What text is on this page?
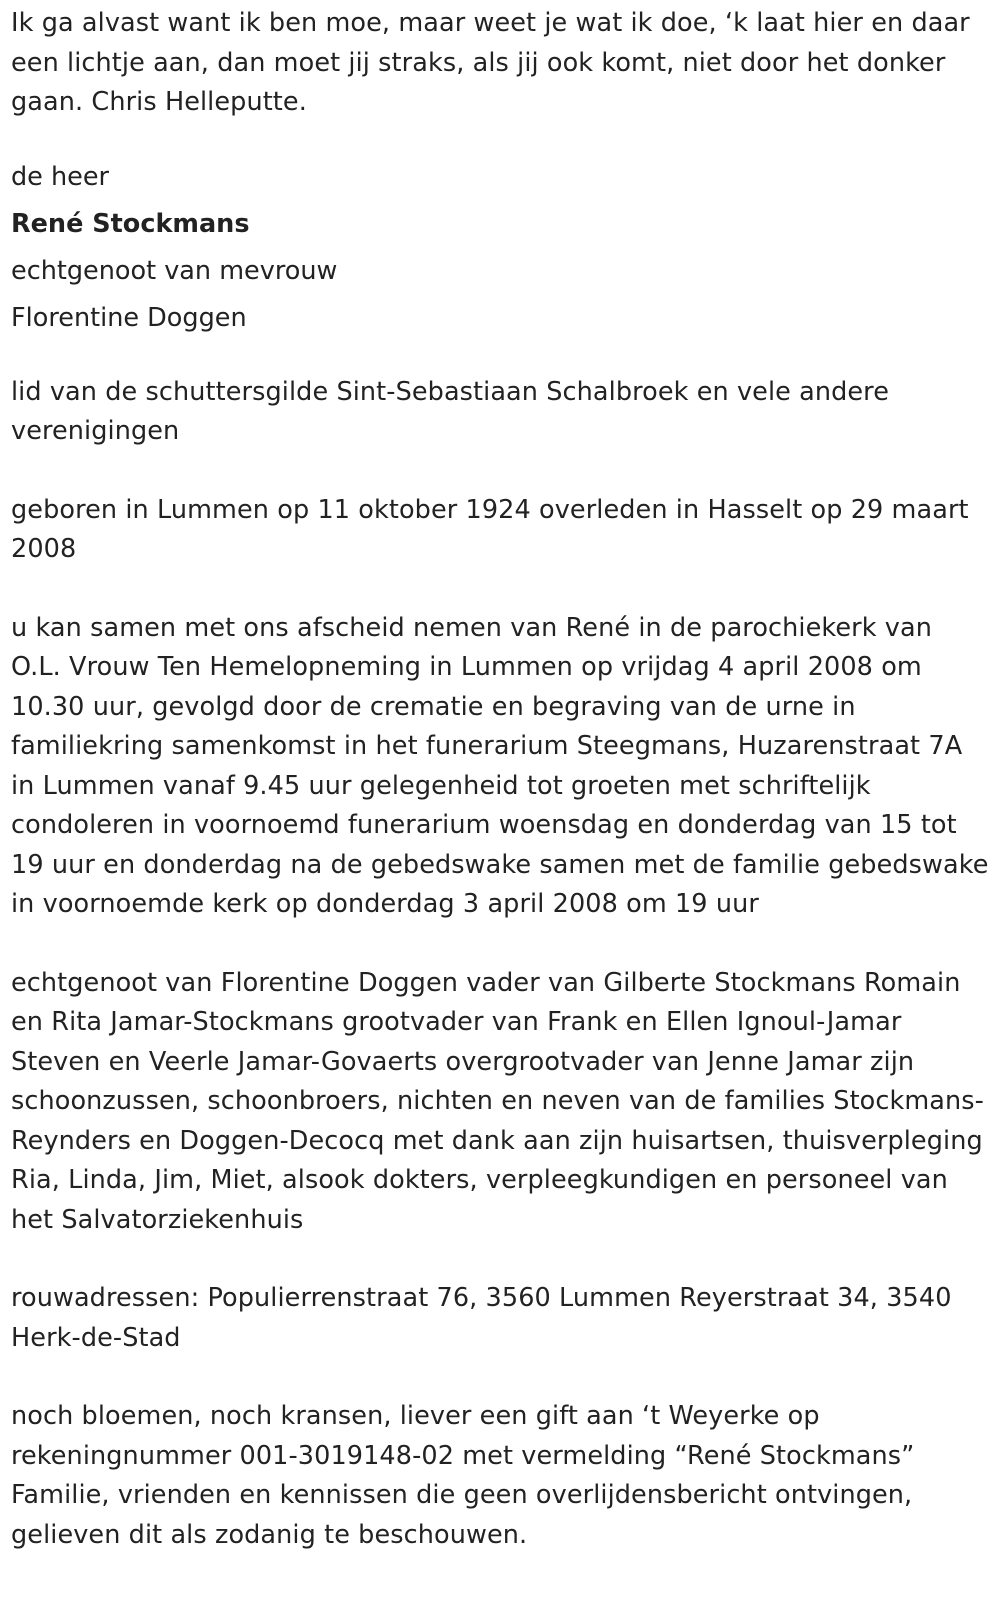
Ik ga alvast want ik ben moe, maar weet je wat ik doe, ‘k laat hier en daar een lichtje aan, dan moet jij straks, als jij ook komt, niet door het donker gaan. Chris Helleputte.

de heer

René Stockmans

echtgenoot van mevrouw

Florentine Doggen

lid van de schuttersgilde Sint-Sebastiaan Schalbroek en vele andere verenigingen

geboren in Lummen op 11 oktober 1924 overleden in Hasselt op 29 maart 2008

u kan samen met ons afscheid nemen van René in de parochiekerk van O.L. Vrouw Ten Hemelopneming in Lummen op vrijdag 4 april 2008 om 10.30 uur, gevolgd door de crematie en begraving van de urne in familiekring samenkomst in het funerarium Steegmans, Huzarenstraat 7A in Lummen vanaf 9.45 uur gelegenheid tot groeten met schriftelijk condoleren in voornoemd funerarium woensdag en donderdag van 15 tot 19 uur en donderdag na de gebedswake samen met de familie gebedswake in voornoemde kerk op donderdag 3 april 2008 om 19 uur

echtgenoot van Florentine Doggen vader van Gilberte Stockmans Romain en Rita Jamar-Stockmans grootvader van Frank en Ellen Ignoul-Jamar Steven en Veerle Jamar-Govaerts overgrootvader van Jenne Jamar zijn schoonzussen, schoonbroers, nichten en neven van de families Stockmans-Reynders en Doggen-Decocq met dank aan zijn huisartsen, thuisverpleging Ria, Linda, Jim, Miet, alsook dokters, verpleegkundigen en personeel van het Salvatorziekenhuis

rouwadressen: Populierrenstraat 76, 3560 Lummen Reyerstraat 34, 3540 Herk-de-Stad

noch bloemen, noch kransen, liever een gift aan ‘t Weyerke op rekeningnummer 001-3019148-02 met vermelding “René Stockmans” Familie, vrienden en kennissen die geen overlijdensbericht ontvingen, gelieven dit als zodanig te beschouwen.
